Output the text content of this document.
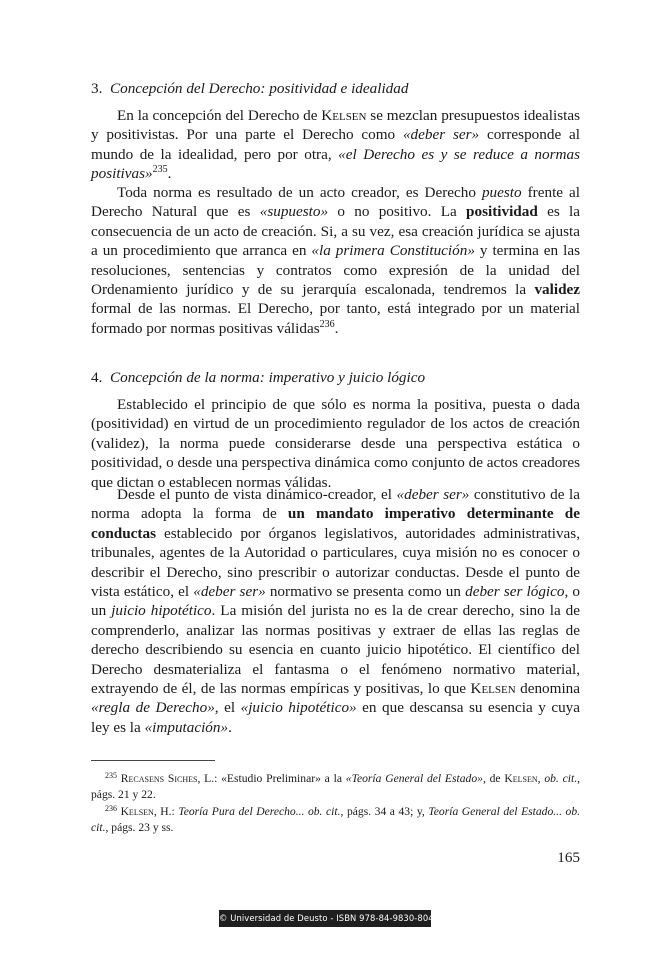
3. Concepción del Derecho: positividad e idealidad

En la concepción del Derecho de Kelsen se mezclan presupuestos idealistas y positivistas. Por una parte el Derecho como «deber ser» corresponde al mundo de la idealidad, pero por otra, «el Derecho es y se reduce a normas positivas»$^{235}$.

Toda norma es resultado de un acto creador, es Derecho puesto frente al Derecho Natural que es «supuesto» o no positivo. La positividad es la consecuencia de un acto de creación. Si, a su vez, esa creación jurídica se ajusta a un procedimiento que arranca en «la primera Constitución» y termina en las resoluciones, sentencias y contratos como expresión de la unidad del Ordenamiento jurídico y de su jerarquía escalonada, tendremos la validez formal de las normas. El Derecho, por tanto, está integrado por un material formado por normas positivas válidas$^{236}$.

4. Concepción de la norma: imperativo y juicio lógico

Establecido el principio de que sólo es norma la positiva, puesta o dada (positividad) en virtud de un procedimiento regulador de los actos de creación (validez), la norma puede considerarse desde una perspectiva estática o positividad, o desde una perspectiva dinámica como conjunto de actos creadores que dictan o establecen normas válidas.

Desde el punto de vista dinámico-creador, el «deber ser» constitutivo de la norma adopta la forma de un mandato imperativo determinante de conductas establecido por órganos legislativos, autoridades administrativas, tribunales, agentes de la Autoridad o particulares, cuya misión no es conocer o describir el Derecho, sino prescribir o autorizar conductas. Desde el punto de vista estático, el «deber ser» normativo se presenta como un deber ser lógico, o un juicio hipotético. La misión del jurista no es la de crear derecho, sino la de comprenderlo, analizar las normas positivas y extraer de ellas las reglas de derecho describiendo su esencia en cuanto juicio hipotético. El científico del Derecho desmaterializa el fantasma o el fenómeno normativo material, extrayendo de él, de las normas empíricas y positivas, lo que Kelsen denomina «regla de Derecho», el «juicio hipotético» en que descansa su esencia y cuya ley es la «imputación».

$^{235}$ Recasens Siches, L.: «Estudio Preliminar» a la «Teoría General del Estado», de Kelsen, ob. cit., págs. 21 y 22.

$^{236}$ Kelsen, H.: Teoría Pura del Derecho... ob. cit., págs. 34 a 43; y, Teoría General del Estado... ob. cit., págs. 23 y ss.

165
© Universidad de Deusto - ISBN 978-84-9830-804-4
